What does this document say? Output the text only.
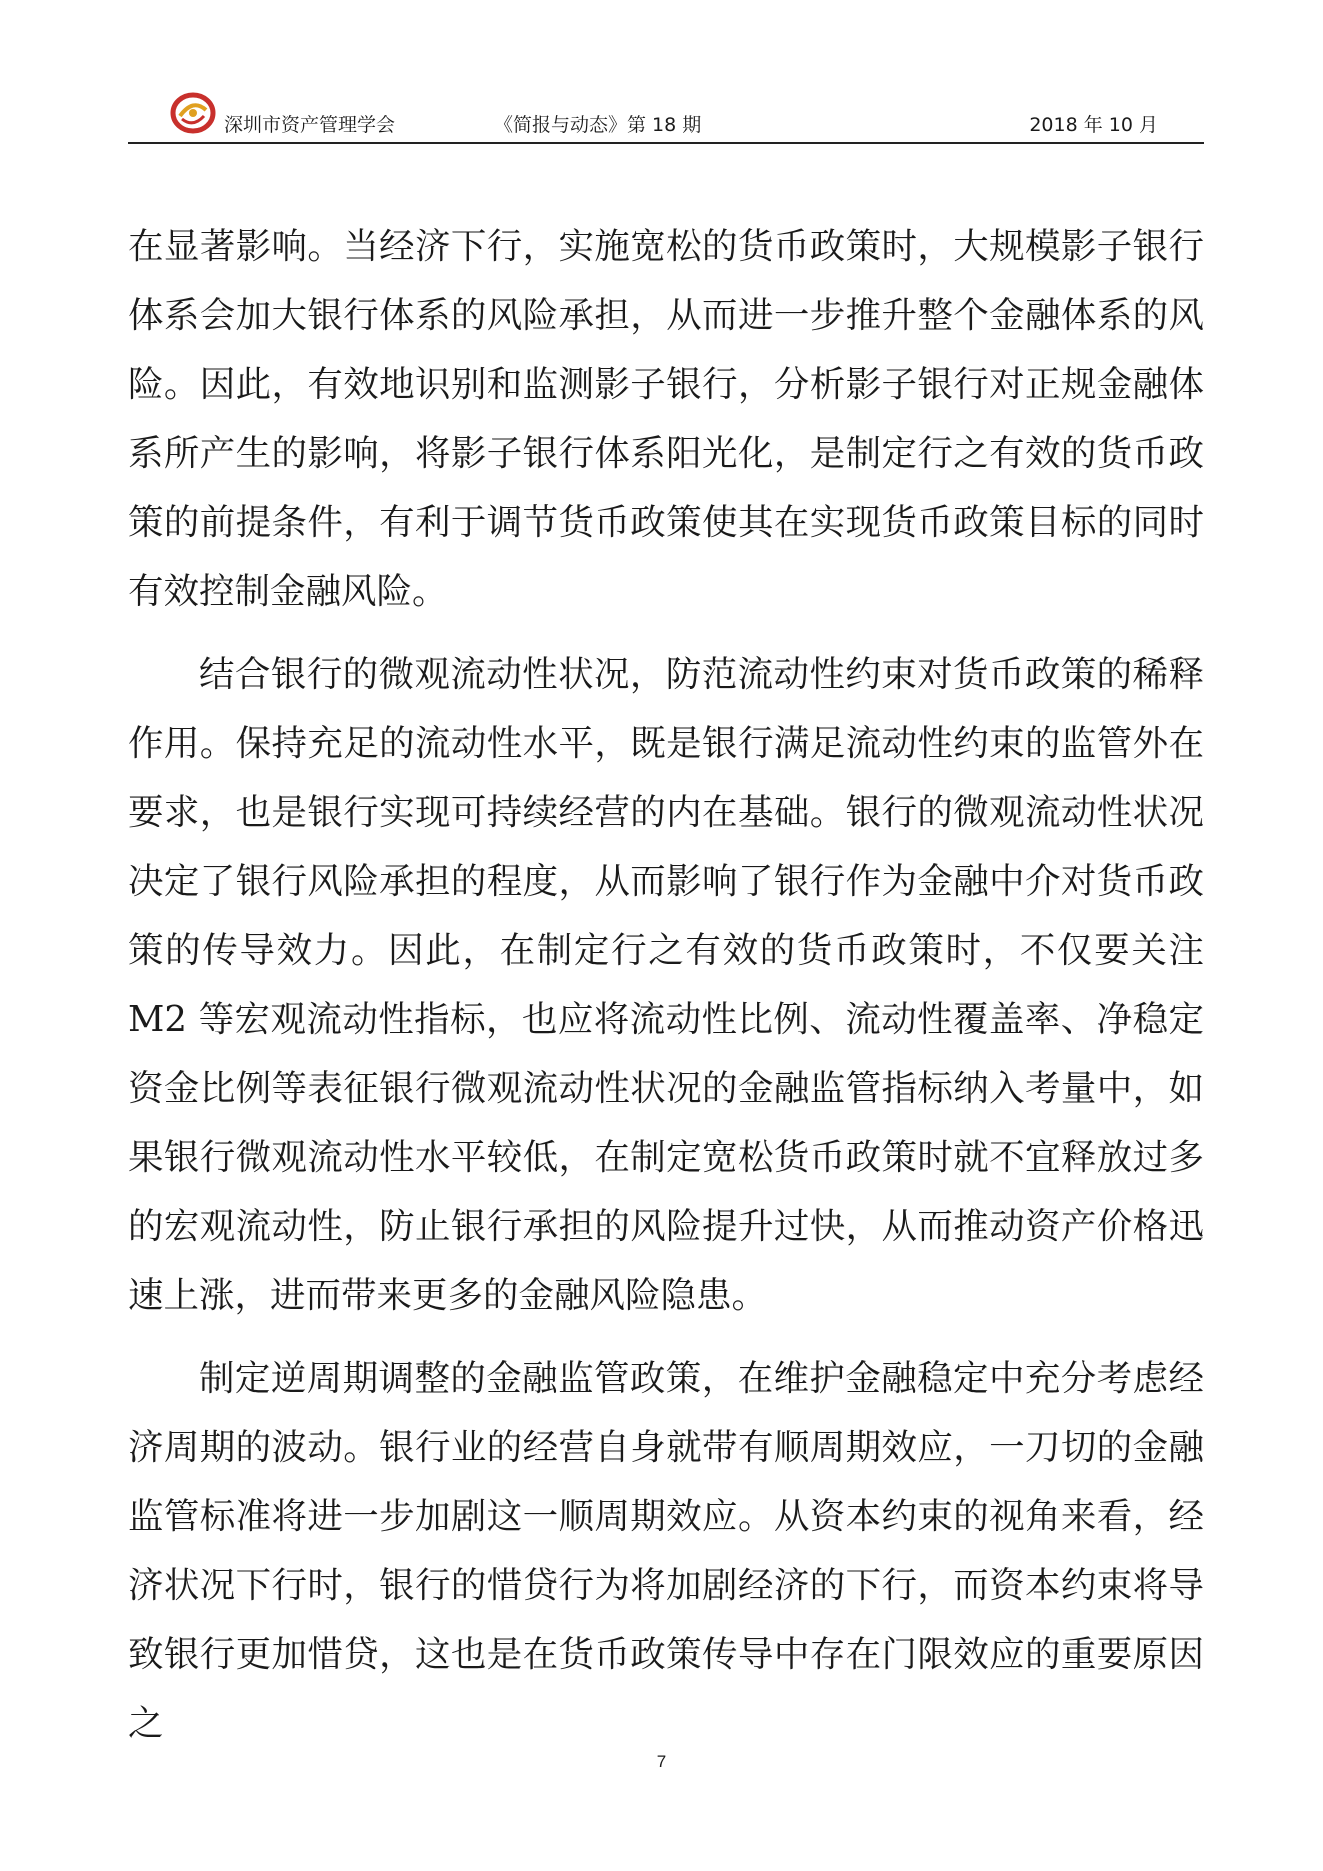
深圳市资产管理学会	《简报与动态》第 18 期	2018 年 10 月

在显著影响。当经济下行，实施宽松的货币政策时，大规模影子银行体系会加大银行体系的风险承担，从而进一步推升整个金融体系的风险。因此，有效地识别和监测影子银行，分析影子银行对正规金融体系所产生的影响，将影子银行体系阳光化，是制定行之有效的货币政策的前提条件，有利于调节货币政策使其在实现货币政策目标的同时有效控制金融风险。

结合银行的微观流动性状况，防范流动性约束对货币政策的稀释作用。保持充足的流动性水平，既是银行满足流动性约束的监管外在要求，也是银行实现可持续经营的内在基础。银行的微观流动性状况决定了银行风险承担的程度，从而影响了银行作为金融中介对货币政策的传导效力。因此，在制定行之有效的货币政策时，不仅要关注 M2 等宏观流动性指标，也应将流动性比例、流动性覆盖率、净稳定资金比例等表征银行微观流动性状况的金融监管指标纳入考量中，如果银行微观流动性水平较低，在制定宽松货币政策时就不宜释放过多的宏观流动性，防止银行承担的风险提升过快，从而推动资产价格迅速上涨，进而带来更多的金融风险隐患。

制定逆周期调整的金融监管政策，在维护金融稳定中充分考虑经济周期的波动。银行业的经营自身就带有顺周期效应，一刀切的金融监管标准将进一步加剧这一顺周期效应。从资本约束的视角来看，经济状况下行时，银行的惜贷行为将加剧经济的下行，而资本约束将导致银行更加惜贷，这也是在货币政策传导中存在门限效应的重要原因之

7
